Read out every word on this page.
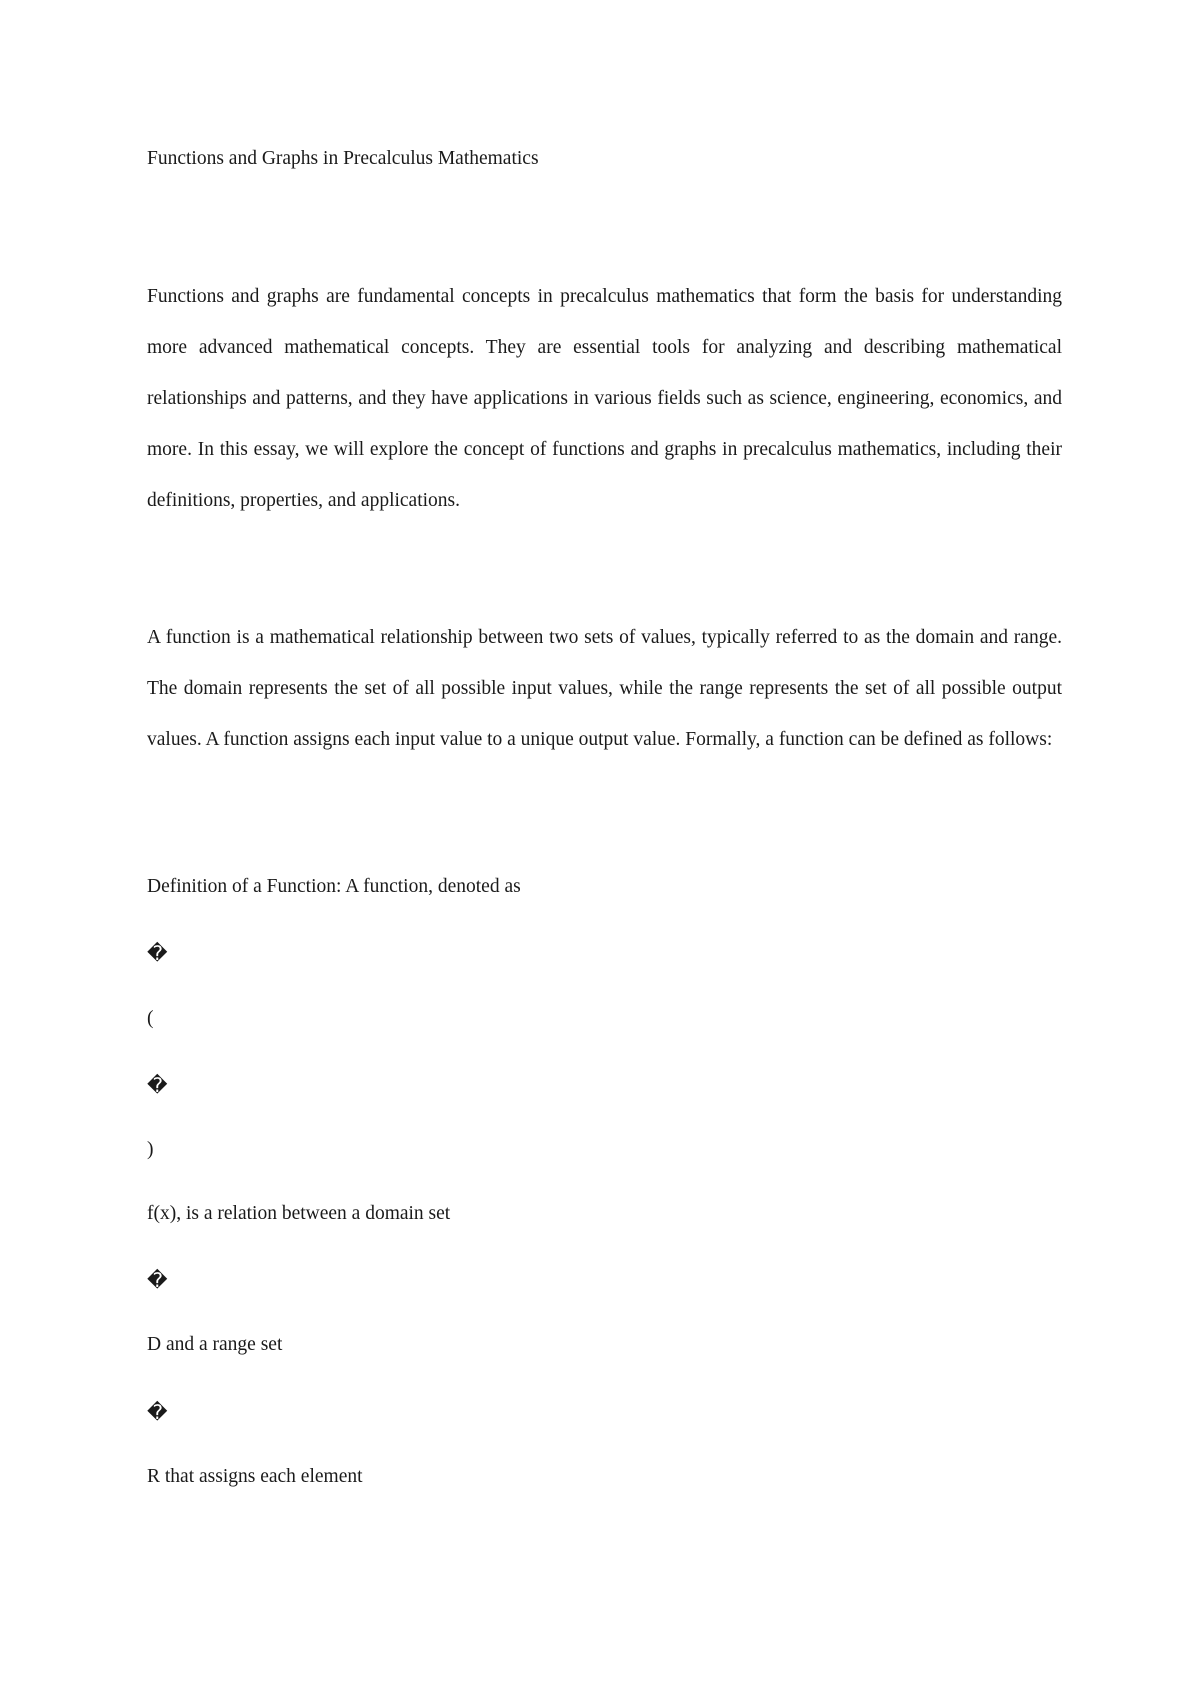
Functions and Graphs in Precalculus Mathematics

Functions and graphs are fundamental concepts in precalculus mathematics that form the basis for understanding more advanced mathematical concepts. They are essential tools for analyzing and describing mathematical relationships and patterns, and they have applications in various fields such as science, engineering, economics, and more. In this essay, we will explore the concept of functions and graphs in precalculus mathematics, including their definitions, properties, and applications.

A function is a mathematical relationship between two sets of values, typically referred to as the domain and range. The domain represents the set of all possible input values, while the range represents the set of all possible output values. A function assigns each input value to a unique output value. Formally, a function can be defined as follows:

Definition of a Function: A function, denoted as
�
(
�
)
f(x), is a relation between a domain set
�
D and a range set
�
R that assigns each element
